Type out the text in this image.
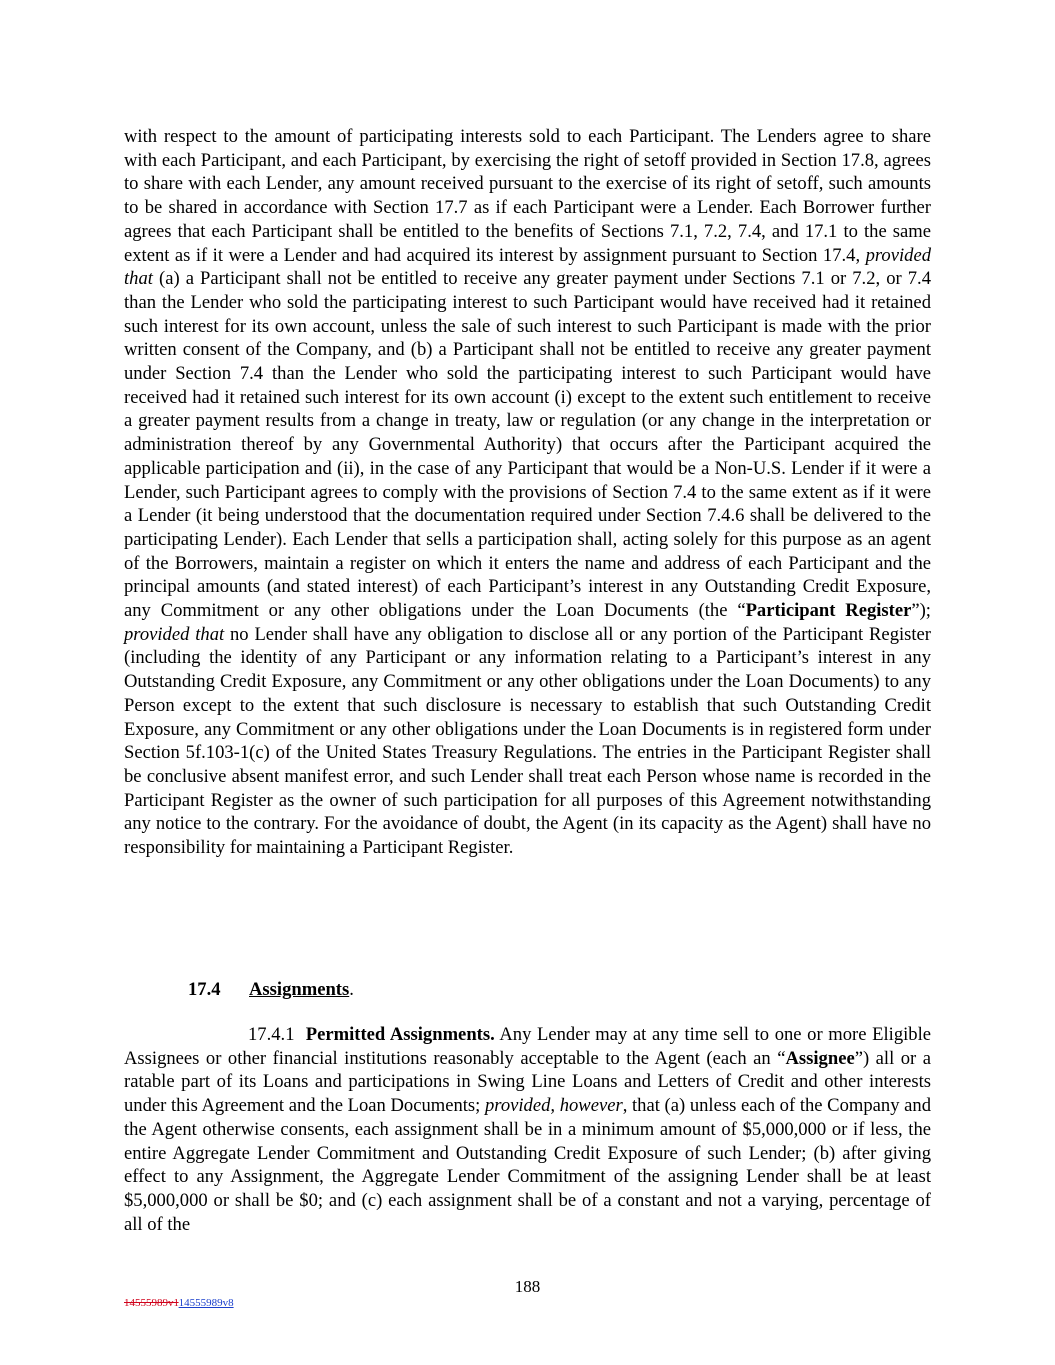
with respect to the amount of participating interests sold to each Participant. The Lenders agree to share with each Participant, and each Participant, by exercising the right of setoff provided in Section 17.8, agrees to share with each Lender, any amount received pursuant to the exercise of its right of setoff, such amounts to be shared in accordance with Section 17.7 as if each Participant were a Lender. Each Borrower further agrees that each Participant shall be entitled to the benefits of Sections 7.1, 7.2, 7.4, and 17.1 to the same extent as if it were a Lender and had acquired its interest by assignment pursuant to Section 17.4, provided that (a) a Participant shall not be entitled to receive any greater payment under Sections 7.1 or 7.2, or 7.4 than the Lender who sold the participating interest to such Participant would have received had it retained such interest for its own account, unless the sale of such interest to such Participant is made with the prior written consent of the Company, and (b) a Participant shall not be entitled to receive any greater payment under Section 7.4 than the Lender who sold the participating interest to such Participant would have received had it retained such interest for its own account (i) except to the extent such entitlement to receive a greater payment results from a change in treaty, law or regulation (or any change in the interpretation or administration thereof by any Governmental Authority) that occurs after the Participant acquired the applicable participation and (ii), in the case of any Participant that would be a Non-U.S. Lender if it were a Lender, such Participant agrees to comply with the provisions of Section 7.4 to the same extent as if it were a Lender (it being understood that the documentation required under Section 7.4.6 shall be delivered to the participating Lender). Each Lender that sells a participation shall, acting solely for this purpose as an agent of the Borrowers, maintain a register on which it enters the name and address of each Participant and the principal amounts (and stated interest) of each Participant’s interest in any Outstanding Credit Exposure, any Commitment or any other obligations under the Loan Documents (the “Participant Register”); provided that no Lender shall have any obligation to disclose all or any portion of the Participant Register (including the identity of any Participant or any information relating to a Participant’s interest in any Outstanding Credit Exposure, any Commitment or any other obligations under the Loan Documents) to any Person except to the extent that such disclosure is necessary to establish that such Outstanding Credit Exposure, any Commitment or any other obligations under the Loan Documents is in registered form under Section 5f.103-1(c) of the United States Treasury Regulations. The entries in the Participant Register shall be conclusive absent manifest error, and such Lender shall treat each Person whose name is recorded in the Participant Register as the owner of such participation for all purposes of this Agreement notwithstanding any notice to the contrary. For the avoidance of doubt, the Agent (in its capacity as the Agent) shall have no responsibility for maintaining a Participant Register.

17.4 Assignments.

17.4.1 Permitted Assignments. Any Lender may at any time sell to one or more Eligible Assignees or other financial institutions reasonably acceptable to the Agent (each an “Assignee”) all or a ratable part of its Loans and participations in Swing Line Loans and Letters of Credit and other interests under this Agreement and the Loan Documents; provided, however, that (a) unless each of the Company and the Agent otherwise consents, each assignment shall be in a minimum amount of $5,000,000 or if less, the entire Aggregate Lender Commitment and Outstanding Credit Exposure of such Lender; (b) after giving effect to any Assignment, the Aggregate Lender Commitment of the assigning Lender shall be at least $5,000,000 or shall be $0; and (c) each assignment shall be of a constant and not a varying, percentage of all of the

188
14555989v114555989v8
